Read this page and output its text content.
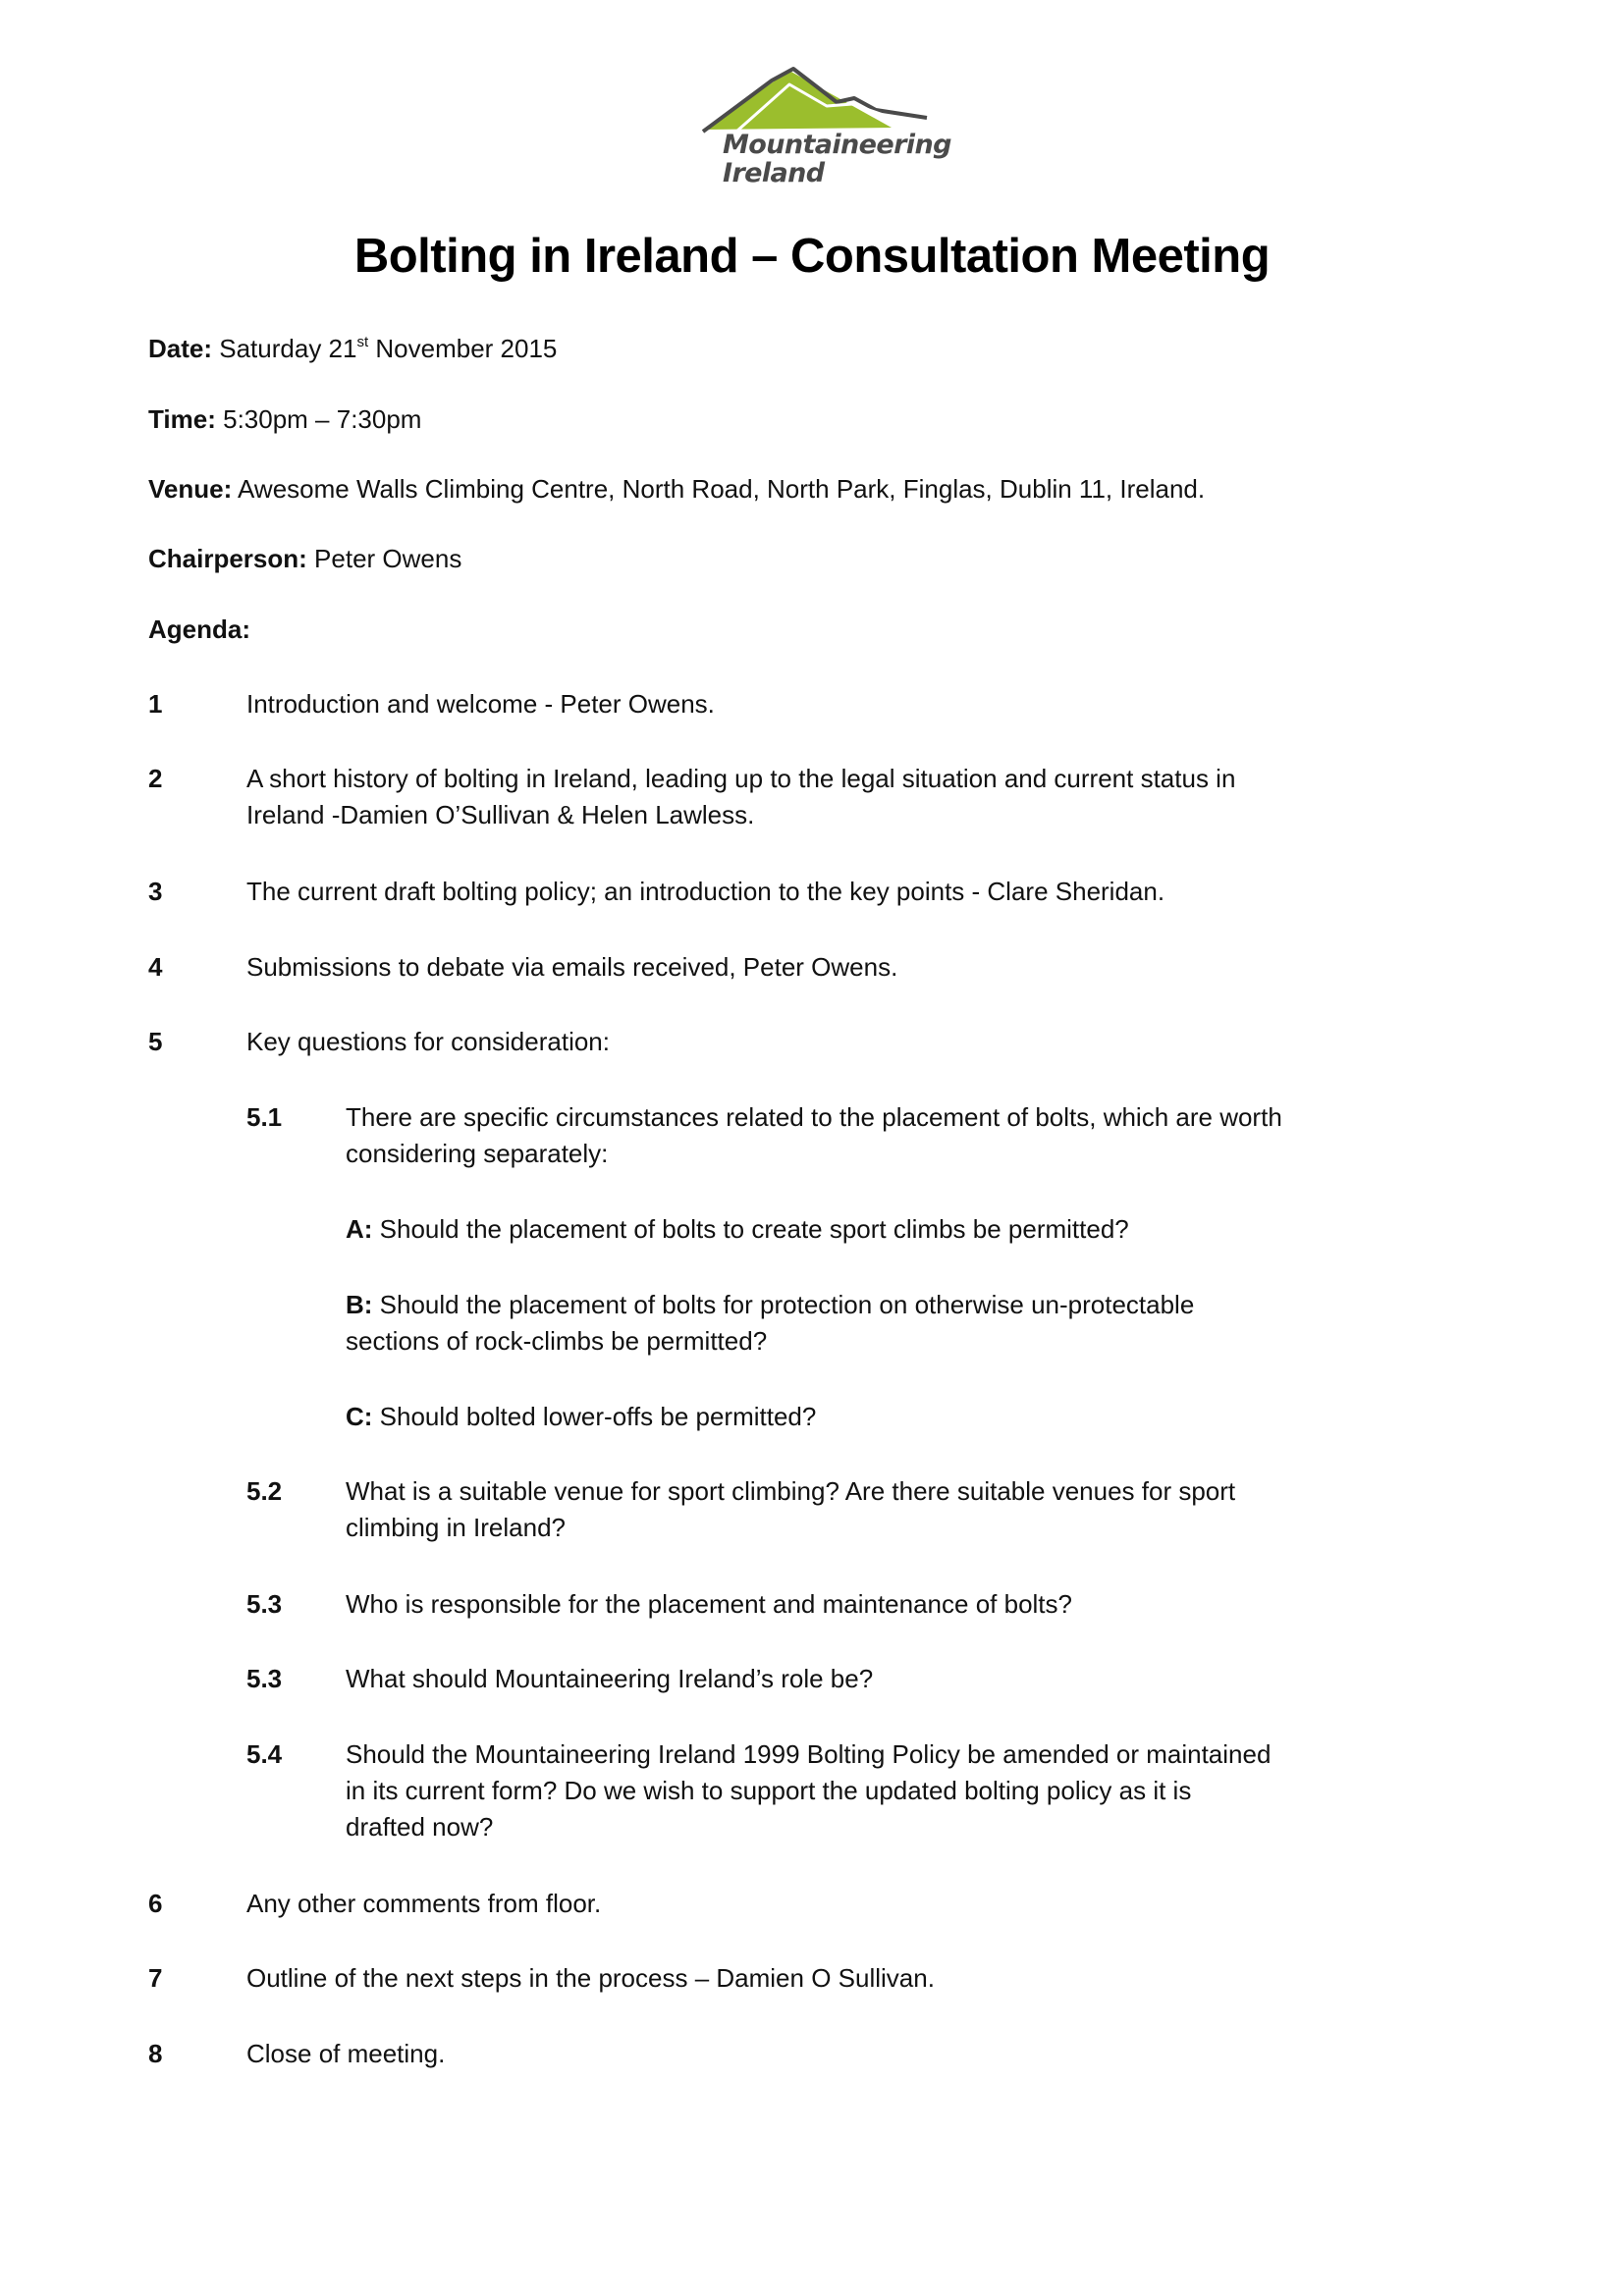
Mountaineering
Ireland
Bolting in Ireland – Consultation Meeting
Date: Saturday 21st November 2015
Time: 5:30pm – 7:30pm
Venue: Awesome Walls Climbing Centre, North Road, North Park, Finglas, Dublin 11, Ireland.
Chairperson: Peter Owens
Agenda:
1	Introduction and welcome - Peter Owens.
2	A short history of bolting in Ireland, leading up to the legal situation and current status in
Ireland -Damien O’Sullivan & Helen Lawless.
3	The current draft bolting policy; an introduction to the key points - Clare Sheridan.
4	Submissions to debate via emails received, Peter Owens.
5	Key questions for consideration:
5.1 There are specific circumstances related to the placement of bolts, which are worth
considering separately:
A: Should the placement of bolts to create sport climbs be permitted?
B: Should the placement of bolts for protection on otherwise un-protectable
sections of rock-climbs be permitted?
C: Should bolted lower-offs be permitted?
5.2 What is a suitable venue for sport climbing? Are there suitable venues for sport
climbing in Ireland?
5.3 Who is responsible for the placement and maintenance of bolts?
5.3 What should Mountaineering Ireland’s role be?
5.4 Should the Mountaineering Ireland 1999 Bolting Policy be amended or maintained
in its current form? Do we wish to support the updated bolting policy as it is
drafted now?
6	Any other comments from floor.
7	Outline of the next steps in the process – Damien O Sullivan.
8	Close of meeting.
